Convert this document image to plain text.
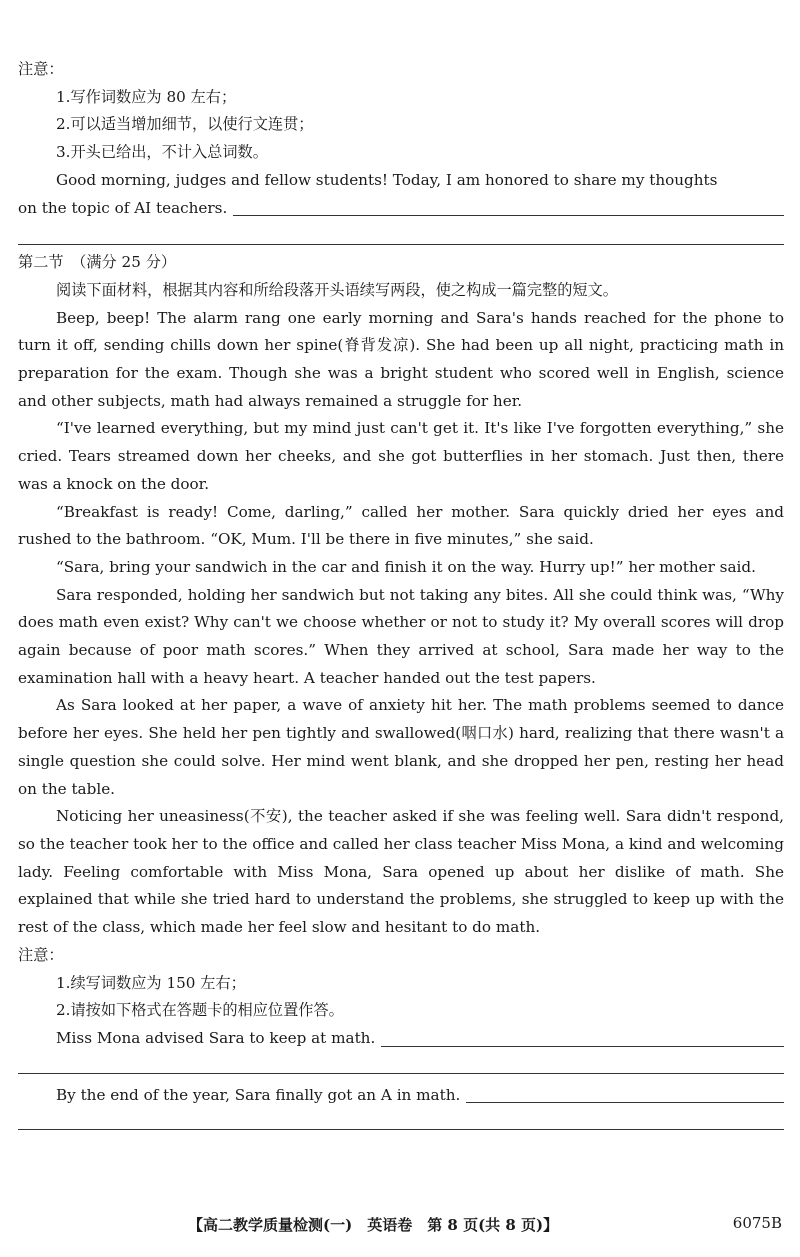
注意：
1.写作词数应为 80 左右；
2.可以适当增加细节，以使行文连贯；
3.开头已给出，不计入总词数。
Good morning, judges and fellow students! Today, I am honored to share my thoughts
on the topic of AI teachers.
第二节　（满分 25 分）
阅读下面材料，根据其内容和所给段落开头语续写两段，使之构成一篇完整的短文。
Beep, beep! The alarm rang one early morning and Sara's hands reached for the phone to turn it off, sending chills down her spine(脊背发凉). She had been up all night, practicing math in preparation for the exam. Though she was a bright student who scored well in English, science and other subjects, math had always remained a struggle for her.
“I've learned everything, but my mind just can't get it. It's like I've forgotten everything,” she cried. Tears streamed down her cheeks, and she got butterflies in her stomach. Just then, there was a knock on the door.
“Breakfast is ready! Come, darling,” called her mother. Sara quickly dried her eyes and rushed to the bathroom. “OK, Mum. I'll be there in five minutes,” she said.
“Sara, bring your sandwich in the car and finish it on the way. Hurry up!” her mother said.
Sara responded, holding her sandwich but not taking any bites. All she could think was, “Why does math even exist? Why can't we choose whether or not to study it? My overall scores will drop again because of poor math scores.” When they arrived at school, Sara made her way to the examination hall with a heavy heart. A teacher handed out the test papers.
As Sara looked at her paper, a wave of anxiety hit her. The math problems seemed to dance before her eyes. She held her pen tightly and swallowed(咽口水) hard, realizing that there wasn't a single question she could solve. Her mind went blank, and she dropped her pen, resting her head on the table.
Noticing her uneasiness(不安), the teacher asked if she was feeling well. Sara didn't respond, so the teacher took her to the office and called her class teacher Miss Mona, a kind and welcoming lady. Feeling comfortable with Miss Mona, Sara opened up about her dislike of math. She explained that while she tried hard to understand the problems, she struggled to keep up with the rest of the class, which made her feel slow and hesitant to do math.
注意：
1.续写词数应为 150 左右；
2.请按如下格式在答题卡的相应位置作答。
Miss Mona advised Sara to keep at math.
By the end of the year, Sara finally got an A in math.
【高二教学质量检测(一)　英语卷　第 8 页(共 8 页)】	6075B
